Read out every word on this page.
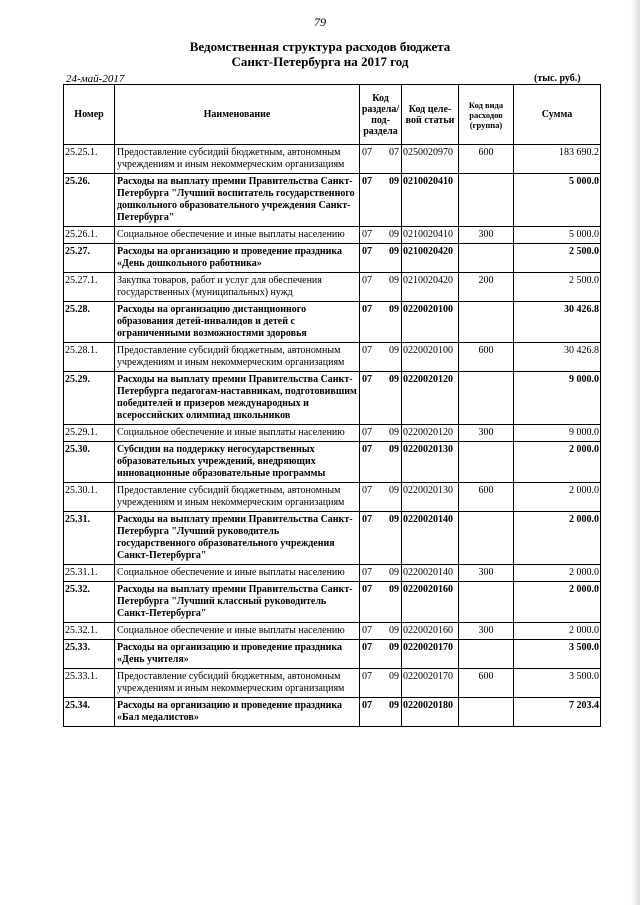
79
Ведомственная структура расходов бюджета
Санкт-Петербурга на 2017 год
24-май-2017	(тыс. руб.)
Номер	Наименование	Код раздела/ под- раздела	Код целе- вой статьи	Код вида расходов (группа)	Сумма
25.25.1.	Предоставление субсидий бюджетным, автономным учреждениям и иным некоммерческим организациям	07 07	0250020970	600	183 690.2
25.26.	Расходы на выплату премии Правительства Санкт-Петербурга "Лучший воспитатель государственного дошкольного образовательного учреждения Санкт-Петербурга"	07 09	0210020410		5 000.0
25.26.1.	Социальное обеспечение и иные выплаты населению	07 09	0210020410	300	5 000.0
25.27.	Расходы на организацию и проведение праздника «День дошкольного работника»	07 09	0210020420		2 500.0
25.27.1.	Закупка товаров, работ и услуг для обеспечения государственных (муниципальных) нужд	07 09	0210020420	200	2 500.0
25.28.	Расходы на организацию дистанционного образования детей-инвалидов и детей с ограниченными возможностями здоровья	07 09	0220020100		30 426.8
25.28.1.	Предоставление субсидий бюджетным, автономным учреждениям и иным некоммерческим организациям	07 09	0220020100	600	30 426.8
25.29.	Расходы на выплату премии Правительства Санкт-Петербурга педагогам-наставникам, подготовившим победителей и призеров международных и всероссийских олимпиад школьников	07 09	0220020120		9 000.0
25.29.1.	Социальное обеспечение и иные выплаты населению	07 09	0220020120	300	9 000.0
25.30.	Субсидии на поддержку негосударственных образовательных учреждений, внедряющих инновационные образовательные программы	07 09	0220020130		2 000.0
25.30.1.	Предоставление субсидий бюджетным, автономным учреждениям и иным некоммерческим организациям	07 09	0220020130	600	2 000.0
25.31.	Расходы на выплату премии Правительства Санкт-Петербурга "Лучший руководитель государственного образовательного учреждения Санкт-Петербурга"	07 09	0220020140		2 000.0
25.31.1.	Социальное обеспечение и иные выплаты населению	07 09	0220020140	300	2 000.0
25.32.	Расходы на выплату премии Правительства Санкт-Петербурга "Лучший классный руководитель Санкт-Петербурга"	07 09	0220020160		2 000.0
25.32.1.	Социальное обеспечение и иные выплаты населению	07 09	0220020160	300	2 000.0
25.33.	Расходы на организацию и проведение праздника «День учителя»	07 09	0220020170		3 500.0
25.33.1.	Предоставление субсидий бюджетным, автономным учреждениям и иным некоммерческим организациям	07 09	0220020170	600	3 500.0
25.34.	Расходы на организацию и проведение праздника «Бал медалистов»	07 09	0220020180		7 203.4
